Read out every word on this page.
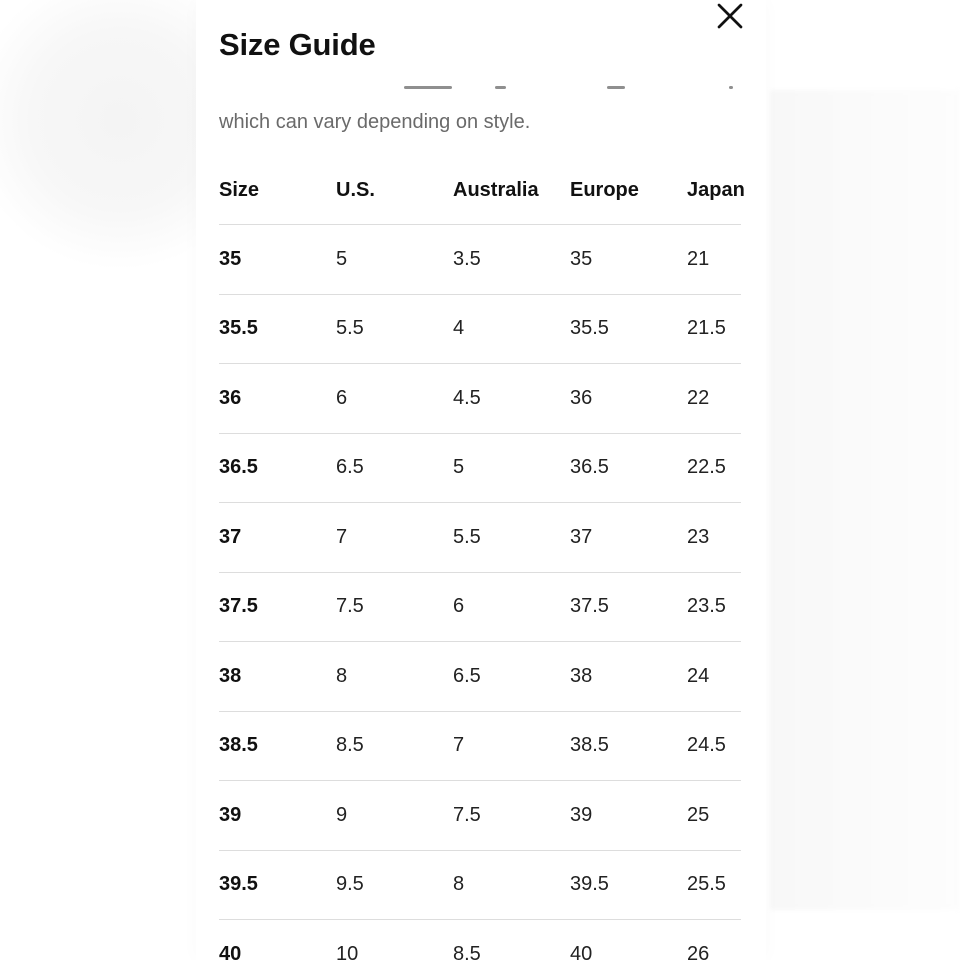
Size Guide

which can vary depending on style.

Size	U.S.	Australia	Europe	Japan
35	5	3.5	35	21
35.5	5.5	4	35.5	21.5
36	6	4.5	36	22
36.5	6.5	5	36.5	22.5
37	7	5.5	37	23
37.5	7.5	6	37.5	23.5
38	8	6.5	38	24
38.5	8.5	7	38.5	24.5
39	9	7.5	39	25
39.5	9.5	8	39.5	25.5
40	10	8.5	40	26
